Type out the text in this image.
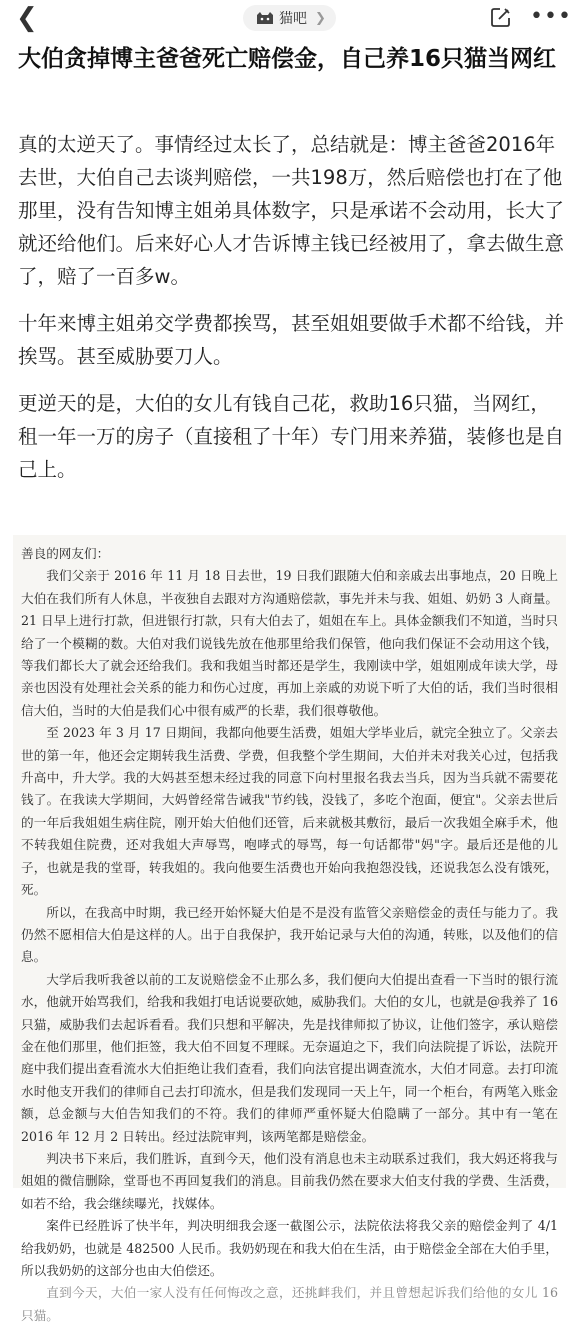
❮	猫吧 ❯	•••
大伯贪掉博主爸爸死亡赔偿金，自己养16只猫当网红

真的太逆天了。事情经过太长了，总结就是：博主爸爸2016年去世，大伯自己去谈判赔偿，一共198万，然后赔偿也打在了他那里，没有告知博主姐弟具体数字，只是承诺不会动用，长大了就还给他们。后来好心人才告诉博主钱已经被用了，拿去做生意了，赔了一百多w。

十年来博主姐弟交学费都挨骂，甚至姐姐要做手术都不给钱，并挨骂。甚至威胁要刀人。

更逆天的是，大伯的女儿有钱自己花，救助16只猫，当网红，租一年一万的房子（直接租了十年）专门用来养猫，装修也是自己上。

善良的网友们：

我们父亲于 2016 年 11 月 18 日去世，19 日我们跟随大伯和亲戚去出事地点，20 日晚上大伯在我们所有人休息，半夜独自去跟对方沟通赔偿款，事先并未与我、姐姐、奶奶 3 人商量。21 日早上进行打款，但进银行打款，只有大伯去了，姐姐在车上。具体金额我们不知道，当时只给了一个模糊的数。大伯对我们说钱先放在他那里给我们保管，他向我们保证不会动用这个钱，等我们都长大了就会还给我们。我和我姐当时都还是学生，我刚读中学，姐姐刚成年读大学，母亲也因没有处理社会关系的能力和伤心过度，再加上亲戚的劝说下听了大伯的话，我们当时很相信大伯，当时的大伯是我们心中很有威严的长辈，我们很尊敬他。

至 2023 年 3 月 17 日期间，我都向他要生活费，姐姐大学毕业后，就完全独立了。父亲去世的第一年，他还会定期转我生活费、学费，但我整个学生期间，大伯并未对我关心过，包括我升高中，升大学。我的大妈甚至想未经过我的同意下向村里报名我去当兵，因为当兵就不需要花钱了。在我读大学期间，大妈曾经常告诫我"节约钱，没钱了，多吃个泡面，便宜"。父亲去世后的一年后我姐姐生病住院，刚开始大伯他们还管，后来就极其敷衍，最后一次我姐全麻手术，他不转我姐住院费，还对我姐大声辱骂，咆哮式的辱骂，每一句话都带"妈"字。最后还是他的儿子，也就是我的堂哥，转我姐的。我向他要生活费也开始向我抱怨没钱，还说我怎么没有饿死，死。

所以，在我高中时期，我已经开始怀疑大伯是不是没有监管父亲赔偿金的责任与能力了。我仍然不愿相信大伯是这样的人。出于自我保护，我开始记录与大伯的沟通，转账，以及他们的信息。

大学后我听我爸以前的工友说赔偿金不止那么多，我们便向大伯提出查看一下当时的银行流水，他就开始骂我们，给我和我姐打电话说要砍她，威胁我们。大伯的女儿，也就是@我养了 16 只猫，威胁我们去起诉看看。我们只想和平解决，先是找律师拟了协议，让他们签字，承认赔偿金在他们那里，他们拒签，我大伯不回复不理睬。无奈逼迫之下，我们向法院提了诉讼，法院开庭中我们提出查看流水大伯拒绝让我们查看，我们向法官提出调查流水，大伯才同意。去打印流水时他支开我们的律师自己去打印流水，但是我们发现同一天上午，同一个柜台，有两笔入账金额，总金额与大伯告知我们的不符。我们的律师严重怀疑大伯隐瞒了一部分。其中有一笔在 2016 年 12 月 2 日转出。经过法院审判，该两笔都是赔偿金。

判决书下来后，我们胜诉，直到今天，他们没有消息也未主动联系过我们，我大妈还将我与姐姐的微信删除，堂哥也不再回复我们的消息。目前我仍然在要求大伯支付我的学费、生活费，如若不给，我会继续曝光，找媒体。

案件已经胜诉了快半年，判决明细我会逐一截图公示，法院依法将我父亲的赔偿金判了 4/1 给我奶奶，也就是 482500 人民币。我奶奶现在和我大伯在生活，由于赔偿金全部在大伯手里，所以我奶奶的这部分也由大伯偿还。

直到今天，大伯一家人没有任何悔改之意，还挑衅我们，并且曾想起诉我们给他的女儿 16 只猫。
